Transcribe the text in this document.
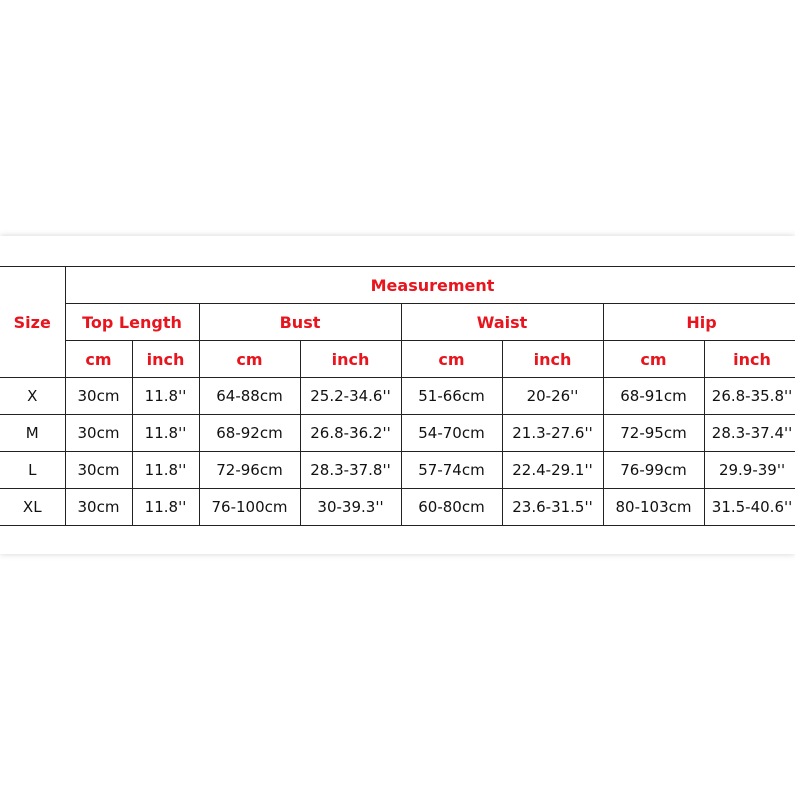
Size	Measurement							
	Top Length		Bust		Waist		Hip	
	cm	inch	cm	inch	cm	inch	cm	inch
X	30cm	11.8''	64-88cm	25.2-34.6''	51-66cm	20-26''	68-91cm	26.8-35.8''
M	30cm	11.8''	68-92cm	26.8-36.2''	54-70cm	21.3-27.6''	72-95cm	28.3-37.4''
L	30cm	11.8''	72-96cm	28.3-37.8''	57-74cm	22.4-29.1''	76-99cm	29.9-39''
XL	30cm	11.8''	76-100cm	30-39.3''	60-80cm	23.6-31.5''	80-103cm	31.5-40.6''
